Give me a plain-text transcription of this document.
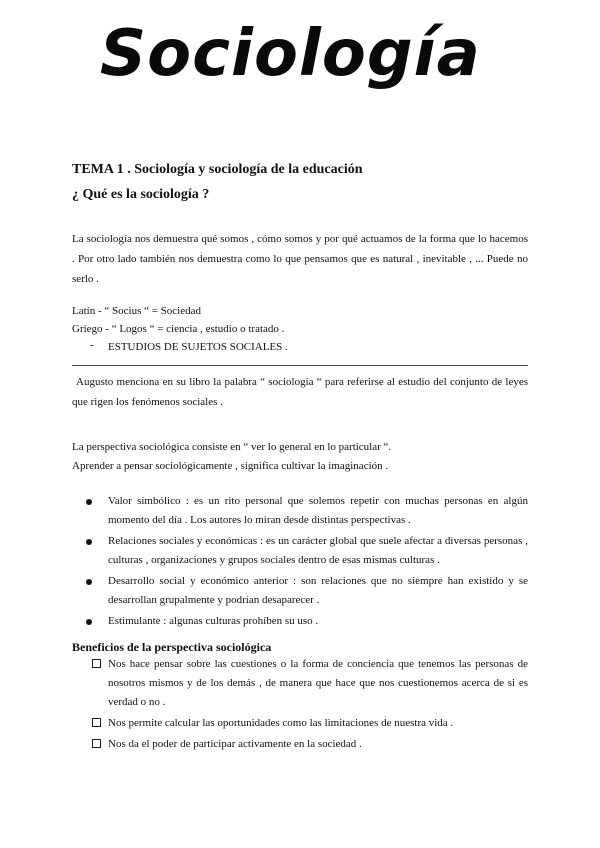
Sociología
TEMA 1 . Sociología y sociología de la educación
¿ Qué es la sociología ?

La sociología nos demuestra qué somos , cómo somos y por qué actuamos de la forma que lo hacemos . Por otro lado también nos demuestra como lo que pensamos que es natural , inevitable , ... Puede no serlo .

Latín - “ Socius “ = Sociedad
Griego - “ Logos “ = ciencia , estudio o tratado .
- ESTUDIOS DE SUJETOS SOCIALES .

Augusto menciona en su libro la palabra “ sociología “ para referirse al estudio del conjunto de leyes que rigen los fenómenos sociales .

La perspectiva sociológica consiste en “ ver lo general en lo particular “.
Aprender a pensar sociológicamente , significa cultivar la imaginación .
Valor simbólico : es un rito personal que solemos repetir con muchas personas en algún momento del día . Los autores lo miran desde distintas perspectivas .
Relaciones sociales y económicas : es un carácter global que suele afectar a diversas personas , culturas , organizaciones y grupos sociales dentro de esas mismas culturas .
Desarrollo social y económico anterior : son relaciones que no siempre han existido y se desarrollan grupalmente y podrían desaparecer .
Estimulante : algunas culturas prohíben su uso .
Beneficios de la perspectiva sociológica
Nos hace pensar sobre las cuestiones o la forma de conciencia que tenemos las personas de nosotros mismos y de los demás , de manera que hace que nos cuestionemos acerca de si es verdad o no .
Nos permite calcular las oportunidades como las limitaciones de nuestra vida .
Nos da el poder de participar activamente en la sociedad .
